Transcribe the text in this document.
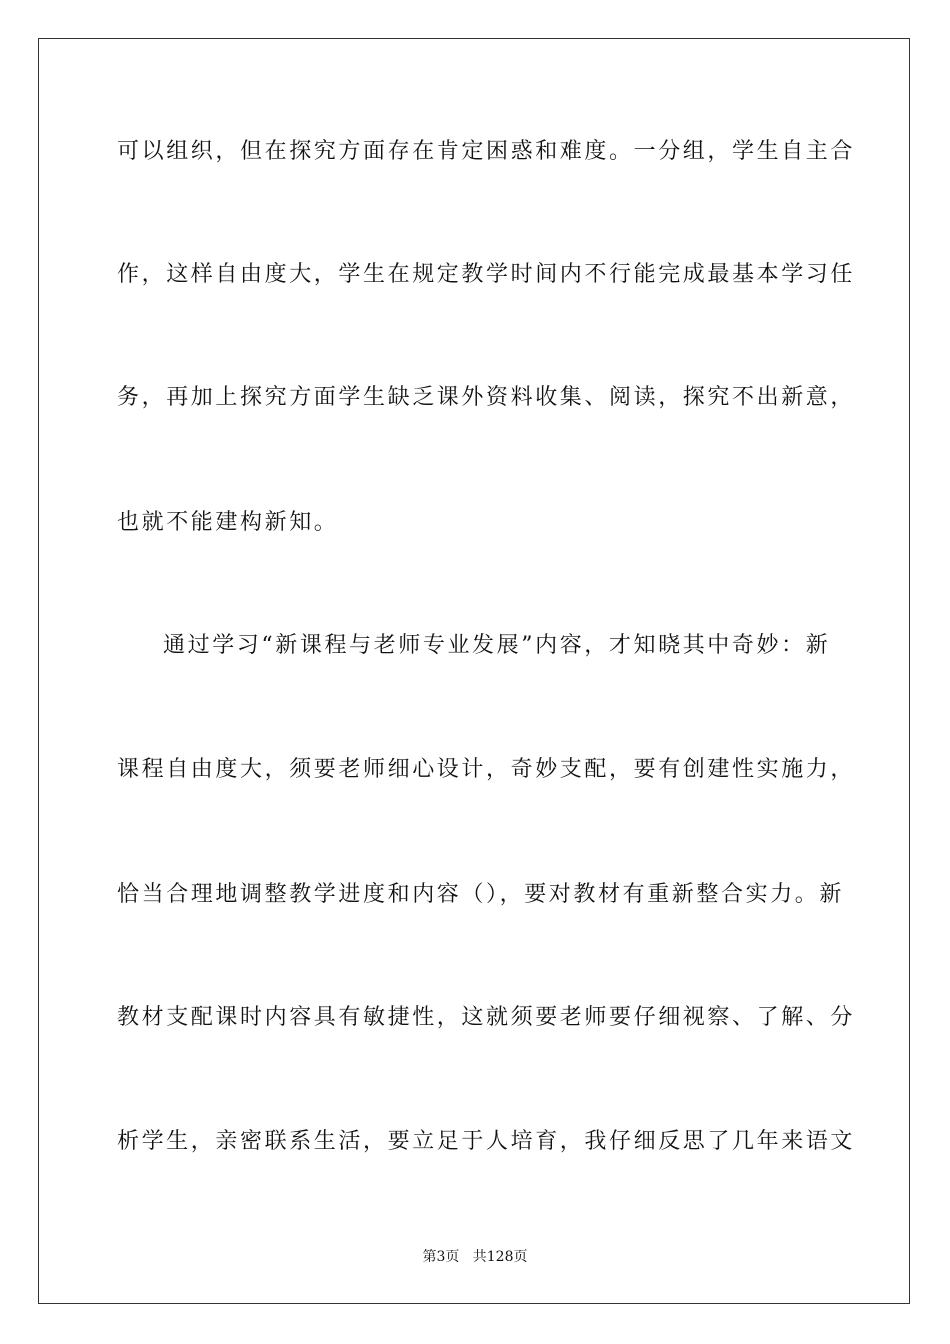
可以组织，但在探究方面存在肯定困惑和难度。一分组，学生自主合
作，这样自由度大，学生在规定教学时间内不行能完成最基本学习任
务，再加上探究方面学生缺乏课外资料收集、阅读，探究不出新意，
也就不能建构新知。
通过学习“新课程与老师专业发展”内容，才知晓其中奇妙：新
课程自由度大，须要老师细心设计，奇妙支配，要有创建性实施力，
恰当合理地调整教学进度和内容（），要对教材有重新整合实力。新
教材支配课时内容具有敏捷性，这就须要老师要仔细视察、了解、分
析学生，亲密联系生活，要立足于人培育，我仔细反思了几年来语文
第3页   共128页
